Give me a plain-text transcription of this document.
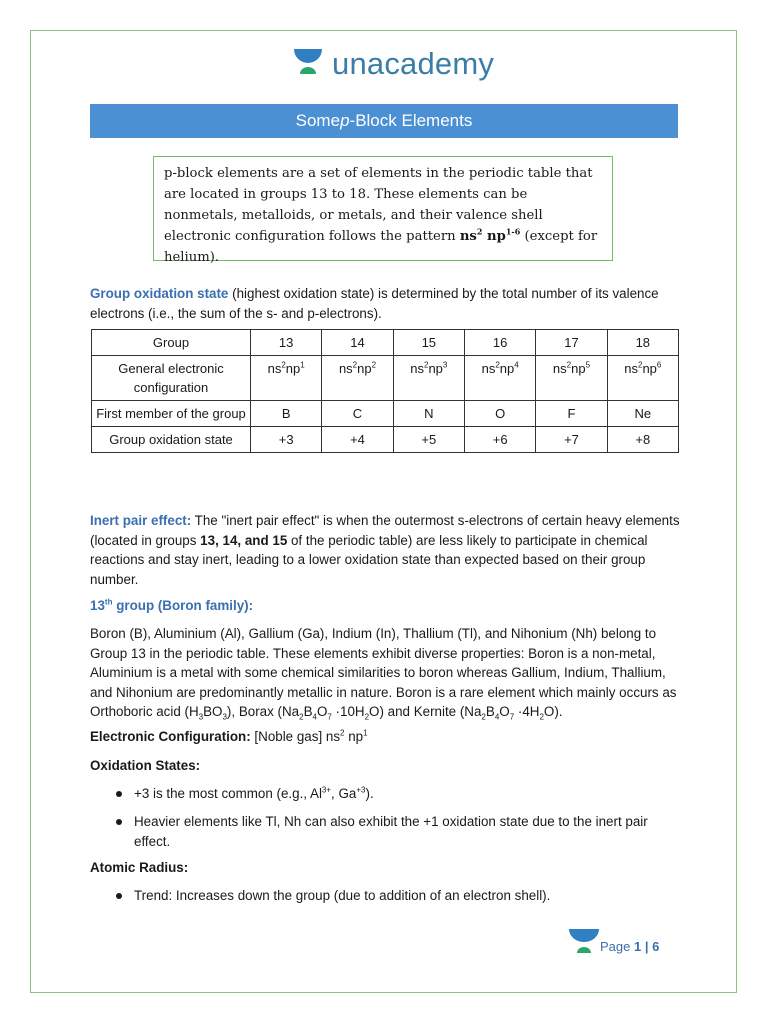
unacademy
Some p -Block Elements
p-block elements are a set of elements in the periodic table that are located in groups 13 to 18. These elements can be nonmetals, metalloids, or metals, and their valence shell electronic configuration follows the pattern $ns^2$ $np^{1-6}$ (except for helium).
Group oxidation state (highest oxidation state) is determined by the total number of its valence electrons (i.e., the sum of the s- and p-electrons).
Group	13	14	15	16	17	18
General electronic configuration	$ns^2np^1$	$ns^2np^2$	$ns^2np^3$	$ns^2np^4$	$ns^2np^5$	$ns^2np^6$
First member of the group	B	C	N	O	F	Ne
Group oxidation state	+3	+4	+5	+6	+7	+8
Inert pair effect: The "inert pair effect" is when the outermost s-electrons of certain heavy elements (located in groups 13, 14, and 15 of the periodic table) are less likely to participate in chemical reactions and stay inert, leading to a lower oxidation state than expected based on their group number.
13th group (Boron family):
Boron (B), Aluminium (Al), Gallium (Ga), Indium (In), Thallium (Tl), and Nihonium (Nh) belong to Group 13 in the periodic table. These elements exhibit diverse properties: Boron is a non-metal, Aluminium is a metal with some chemical similarities to boron whereas Gallium, Indium, Thallium, and Nihonium are predominantly metallic in nature. Boron is a rare element which mainly occurs as Orthoboric acid $(H_3BO_3)$, Borax $(Na_2B_4O_7 \cdot 10H_2O)$ and Kernite $(Na_2B_4O_7 \cdot 4H_2O)$.
Electronic Configuration: [Noble gas] $ns^2$ $np^1$
Oxidation States:
+3 is the most common (e.g., $Al^{3+}$, $Ga^{+3}$).
Heavier elements like Tl, Nh can also exhibit the +1 oxidation state due to the inert pair effect.
Atomic Radius:
Trend: Increases down the group (due to addition of an electron shell).
Page 1 | 6
